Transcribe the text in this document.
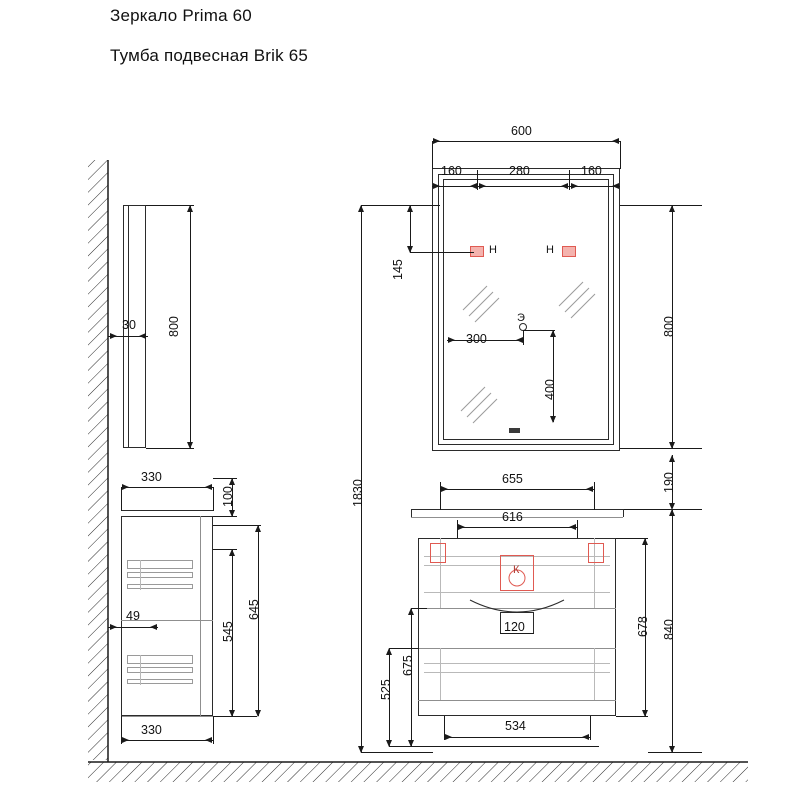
Зеркало Prima 60
Тумба подвесная Brik 65
800
30
330
100
545
645
49
330
H	H
Э
600
160	280	160
145
300
400
800
190
1830
К
655
616
120
534
675
525
678 840
